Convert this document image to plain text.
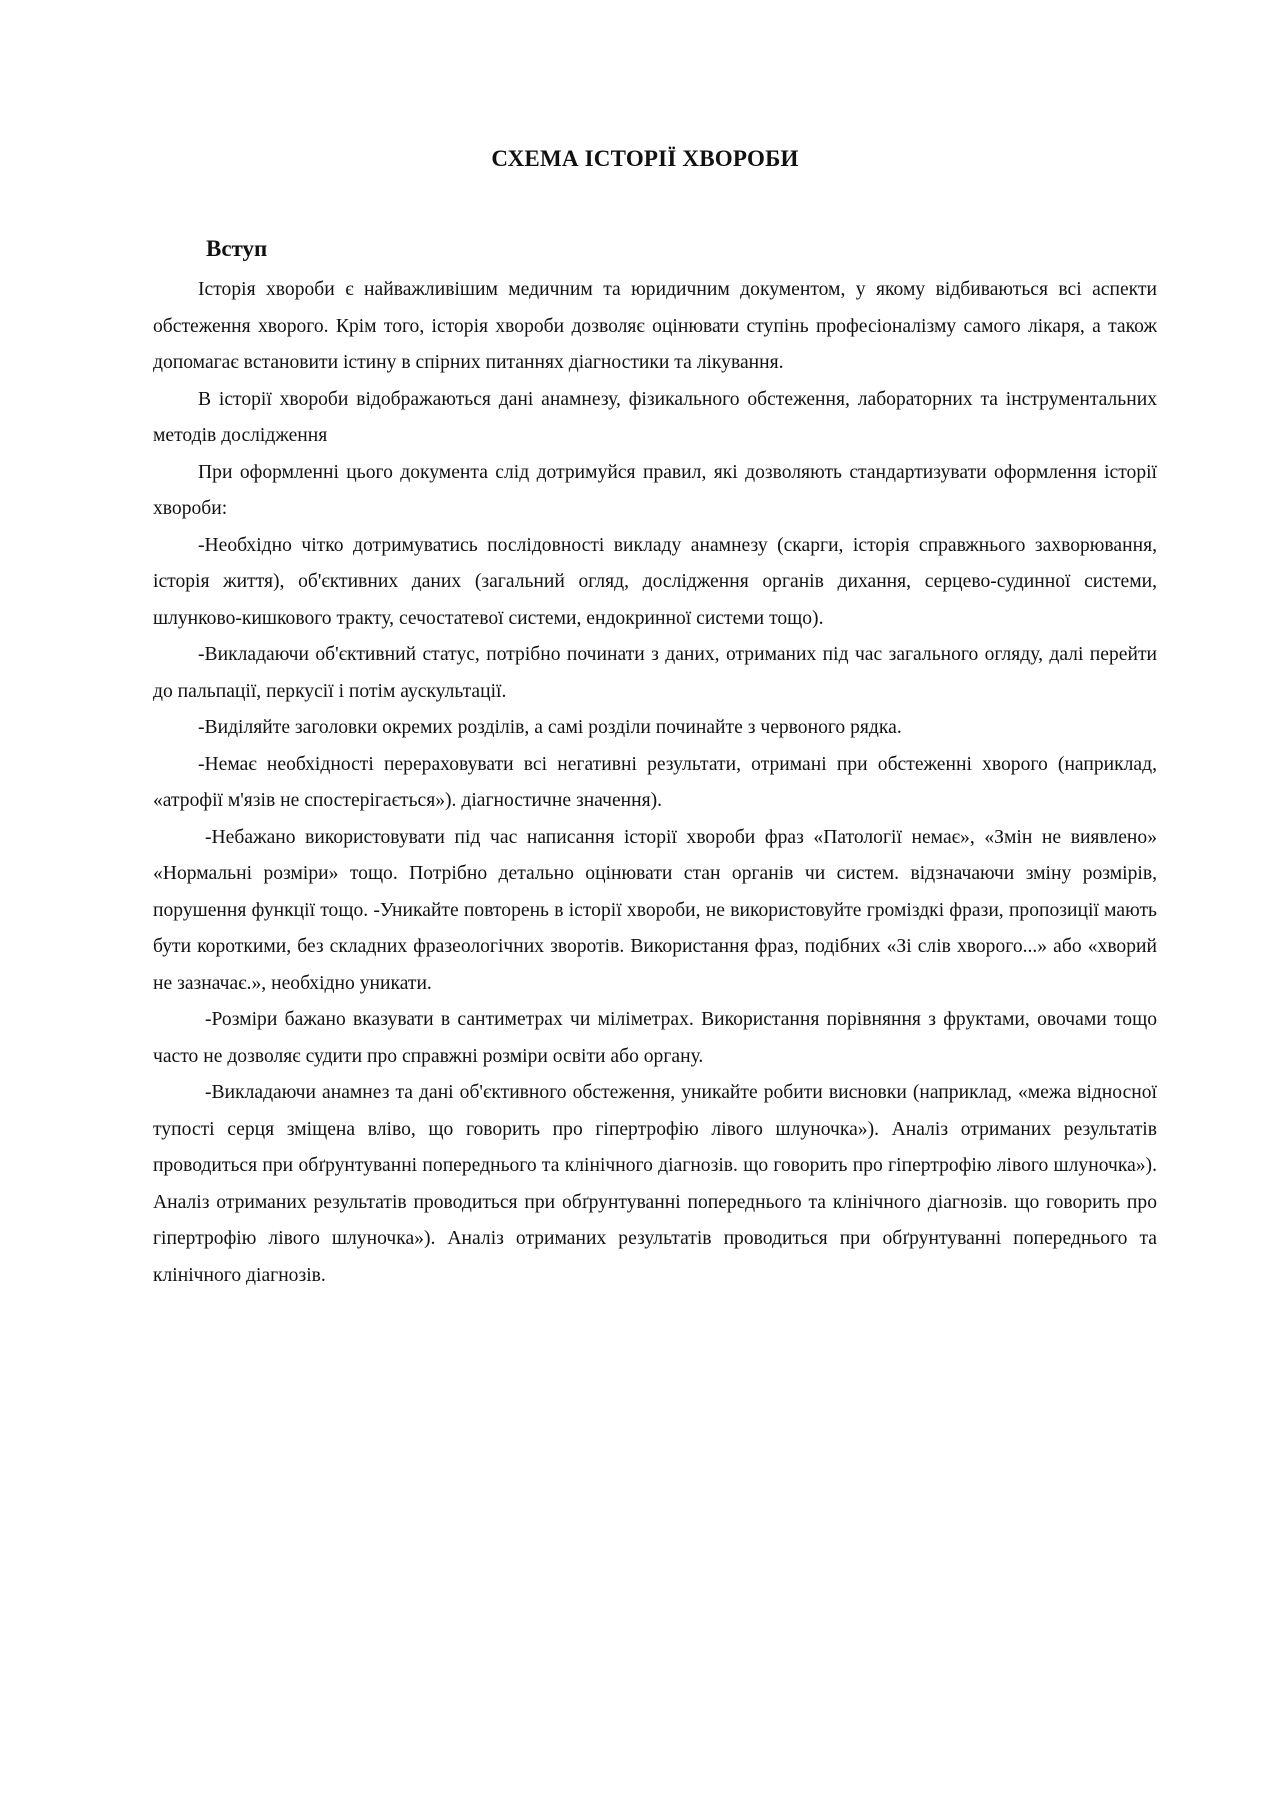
СХЕМА ІСТОРІЇ ХВОРОБИ
Вступ

Історія хвороби є найважливішим медичним та юридичним документом, у якому відбиваються всі аспекти обстеження хворого. Крім того, історія хвороби дозволяє оцінювати ступінь професіоналізму самого лікаря, а також допомагає встановити істину в спірних питаннях діагностики та лікування.

В історії хвороби відображаються дані анамнезу, фізикального обстеження, лабораторних та інструментальних методів дослідження

При оформленні цього документа слід дотримуйся правил, які дозволяють стандартизувати оформлення історії хвороби:

-Необхідно чітко дотримуватись послідовності викладу анамнезу (скарги, історія справжнього захворювання, історія життя), об'єктивних даних (загальний огляд, дослідження органів дихання, серцево-судинної системи, шлунково-кишкового тракту, сечостатевої системи, ендокринної системи тощо).

-Викладаючи об'єктивний статус, потрібно починати з даних, отриманих під час загального огляду, далі перейти до пальпації, перкусії і потім аускультації.

-Виділяйте заголовки окремих розділів, а самі розділи починайте з червоного рядка.

-Немає необхідності перераховувати всі негативні результати, отримані при обстеженні хворого (наприклад, «атрофії м'язів не спостерігається»). діагностичне значення).

-Небажано використовувати під час написання історії хвороби фраз «Патології немає», «Змін не виявлено» «Нормальні розміри» тощо. Потрібно детально оцінювати стан органів чи систем. відзначаючи зміну розмірів, порушення функції тощо. -Уникайте повторень в історії хвороби, не використовуйте громіздкі фрази, пропозиції мають бути короткими, без складних фразеологічних зворотів. Використання фраз, подібних «Зі слів хворого...» або «хворий не зазначає.», необхідно уникати.

-Розміри бажано вказувати в сантиметрах чи міліметрах. Використання порівняння з фруктами, овочами тощо часто не дозволяє судити про справжні розміри освіти або органу.

-Викладаючи анамнез та дані об'єктивного обстеження, уникайте робити висновки (наприклад, «межа відносної тупості серця зміщена вліво, що говорить про гіпертрофію лівого шлуночка»). Аналіз отриманих результатів проводиться при обґрунтуванні попереднього та клінічного діагнозів. що говорить про гіпертрофію лівого шлуночка»). Аналіз отриманих результатів проводиться при обґрунтуванні попереднього та клінічного діагнозів. що говорить про гіпертрофію лівого шлуночка»). Аналіз отриманих результатів проводиться при обґрунтуванні попереднього та клінічного діагнозів.
